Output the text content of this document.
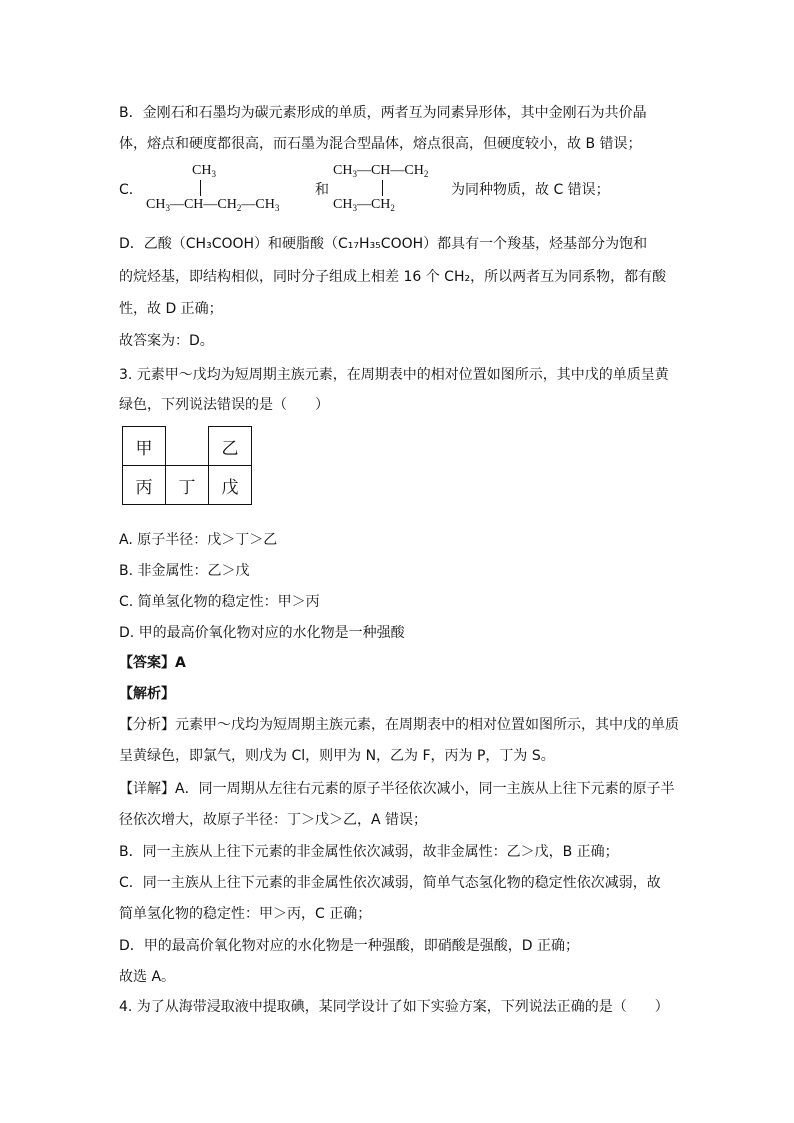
B．金刚石和石墨均为碳元素形成的单质，两者互为同素异形体，其中金刚石为共价晶
体，熔点和硬度都很高，而石墨为混合型晶体，熔点很高，但硬度较小，故 B 错误；
C．
$CH_3$
$CH_3—CH—CH_2—CH_3$
和
$CH_3—CH—CH_2$
$CH_3—CH_2$
为同种物质，故 C 错误；
D．乙酸（CH₃COOH）和硬脂酸（C₁₇H₃₅COOH）都具有一个羧基，烃基部分为饱和
的烷烃基，即结构相似，同时分子组成上相差 16 个 CH₂，所以两者互为同系物，都有酸
性，故 D 正确；
故答案为：D。
3. 元素甲～戊均为短周期主族元素，在周期表中的相对位置如图所示，其中戊的单质呈黄
绿色，下列说法错误的是（　　）
甲		乙
丙	丁	戊
A. 原子半径：戊＞丁＞乙
B. 非金属性：乙＞戊
C. 简单氢化物的稳定性：甲＞丙
D. 甲的最高价氧化物对应的水化物是一种强酸
【答案】A
【解析】
【分析】元素甲～戊均为短周期主族元素，在周期表中的相对位置如图所示，其中戊的单质
呈黄绿色，即氯气，则戊为 Cl，则甲为 N，乙为 F，丙为 P，丁为 S。
【详解】A．同一周期从左往右元素的原子半径依次减小，同一主族从上往下元素的原子半
径依次增大，故原子半径：丁＞戊＞乙，A 错误；
B．同一主族从上往下元素的非金属性依次减弱，故非金属性：乙＞戊，B 正确；
C．同一主族从上往下元素的非金属性依次减弱，简单气态氢化物的稳定性依次减弱，故
简单氢化物的稳定性：甲＞丙，C 正确；
D．甲的最高价氧化物对应的水化物是一种强酸，即硝酸是强酸，D 正确；
故选 A。
4. 为了从海带浸取液中提取碘，某同学设计了如下实验方案，下列说法正确的是（　　）
